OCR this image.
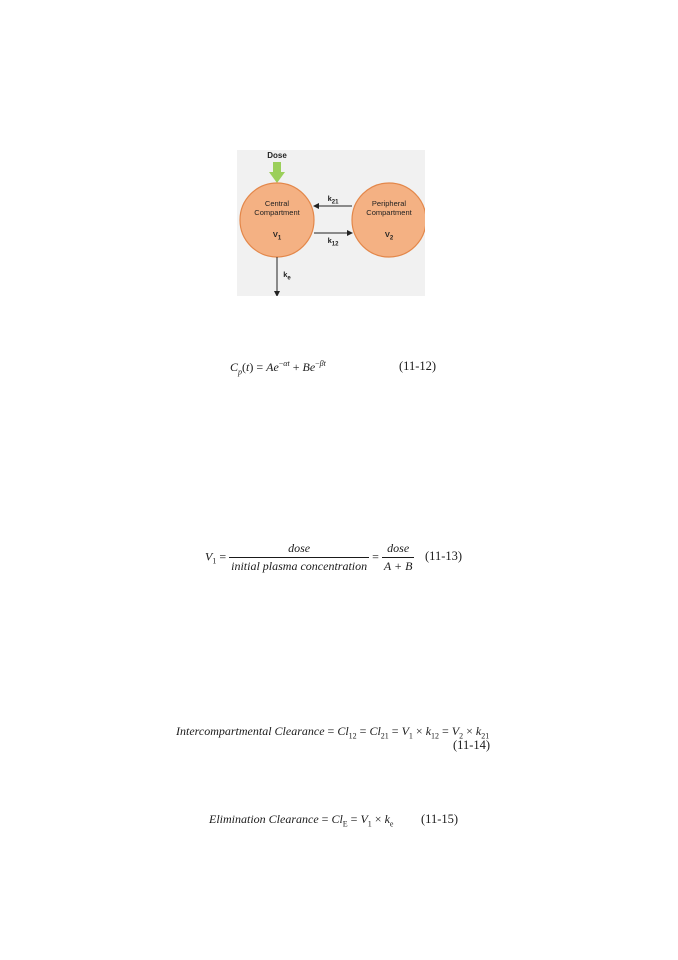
Dose
Central
Compartment
$V_1$
Peripheral
Compartment
$V_2$
$k_{21}$
$k_{12}$
$k_e$
$C_p(t) = Ae^{-\alpha t} + Be^{-\beta t}$	(11-12)
$V_1 = \frac{\text{dose}}{\text{initial plasma concentration}} = \frac{\text{dose}}{A + B} (11-13)$
Intercompartmental Clearance = $Cl_{12} = Cl_{21} = V_1 \times k_{12} = V_2 \times k_{21}$
(11-14)
Elimination Clearance = $Cl_E = V_1 \times k_e$ (11-15)
